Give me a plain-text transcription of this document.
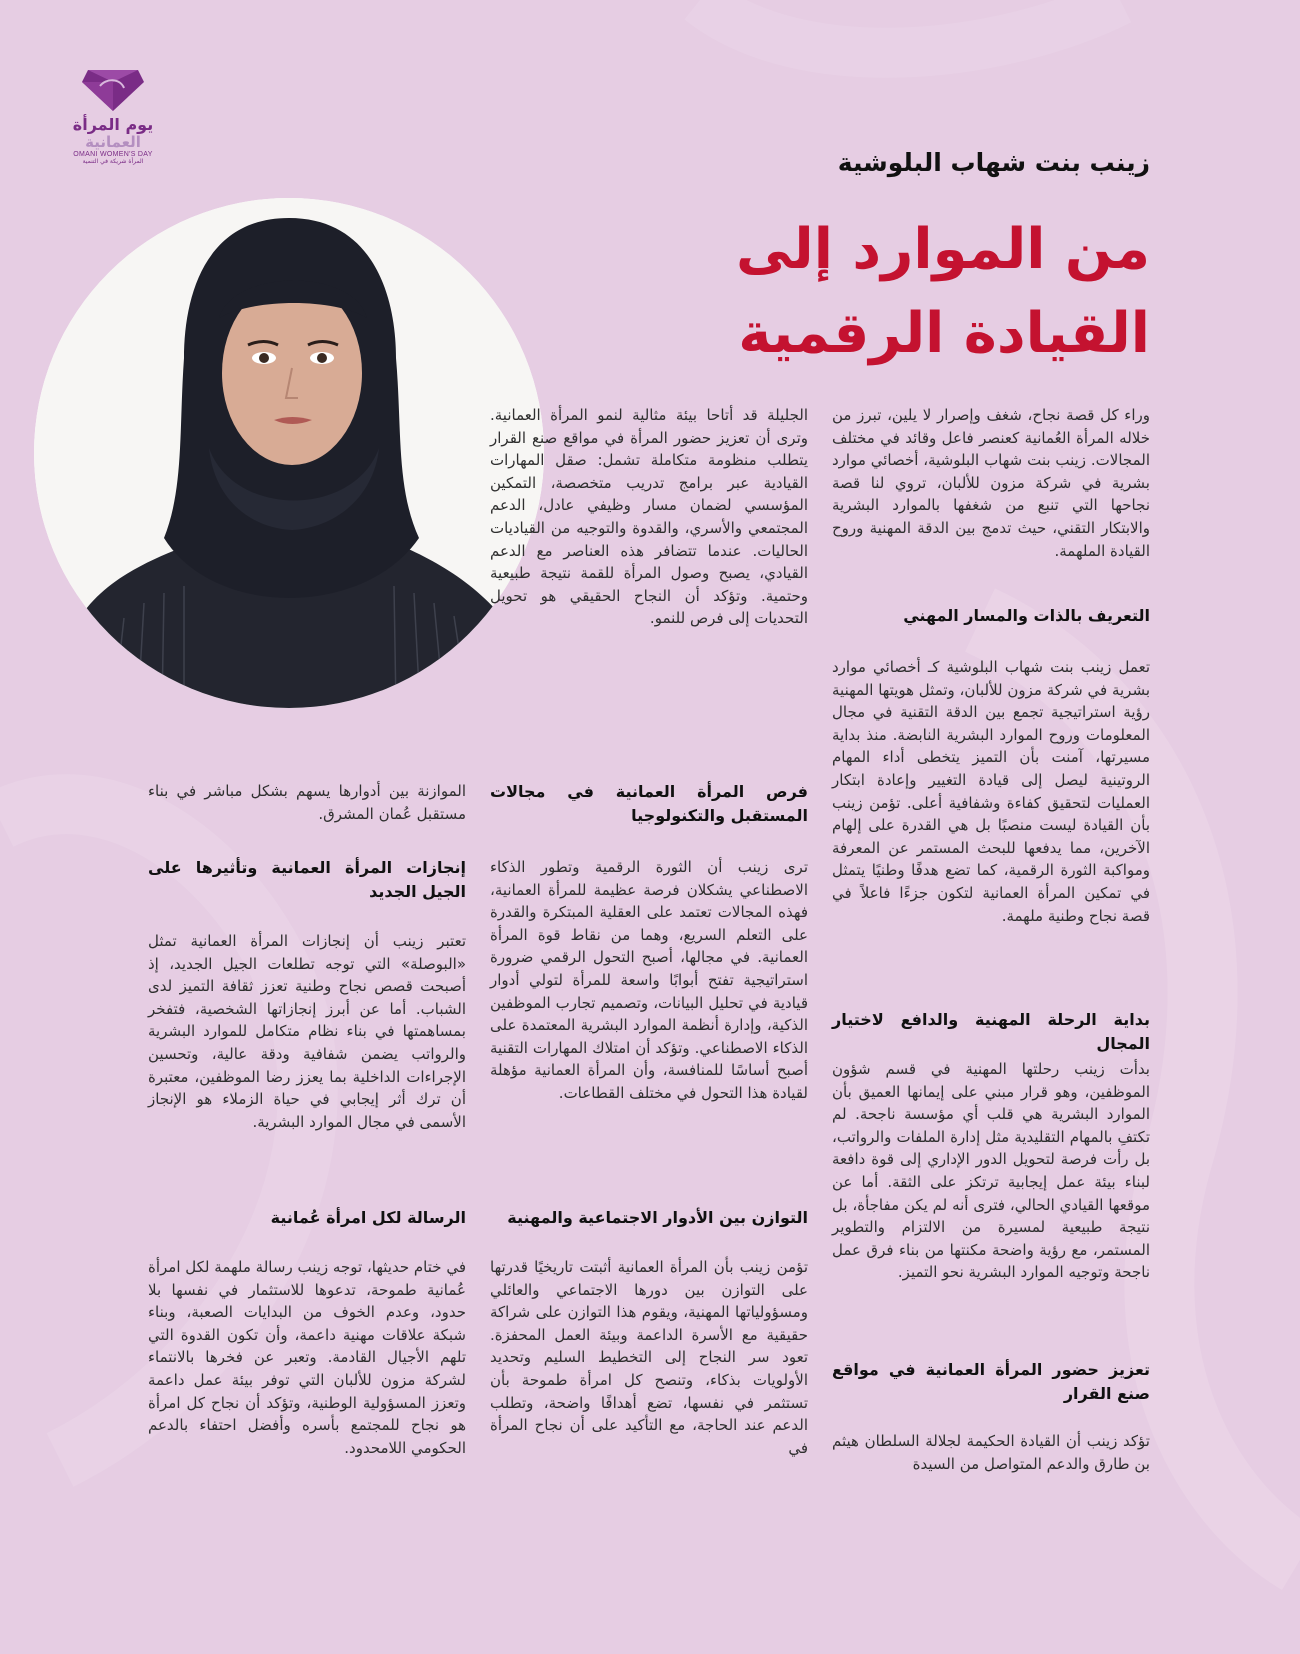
يوم المرأة
العمانية
OMANI WOMEN'S DAY
المرأة شريكة في التنمية	زينب بنت شهاب البلوشية
من الموارد إلى
القيادة الرقمية

وراء كل قصة نجاح، شغف وإصرار لا يلين، تبرز من خلاله المرأة العُمانية كعنصر فاعل وقائد في مختلف المجالات. زينب بنت شهاب البلوشية، أخصائي موارد بشرية في شركة مزون للألبان، تروي لنا قصة نجاحها التي تنبع من شغفها بالموارد البشرية والابتكار التقني، حيث تدمج بين الدقة المهنية وروح القيادة الملهمة.

التعريف بالذات والمسار المهني

تعمل زينب بنت شهاب البلوشية كـ أخصائي موارد بشرية في شركة مزون للألبان، وتمثل هويتها المهنية رؤية استراتيجية تجمع بين الدقة التقنية في مجال المعلومات وروح الموارد البشرية النابضة. منذ بداية مسيرتها، آمنت بأن التميز يتخطى أداء المهام الروتينية ليصل إلى قيادة التغيير وإعادة ابتكار العمليات لتحقيق كفاءة وشفافية أعلى. تؤمن زينب بأن القيادة ليست منصبًا بل هي القدرة على إلهام الآخرين، مما يدفعها للبحث المستمر عن المعرفة ومواكبة الثورة الرقمية، كما تضع هدفًا وطنيًا يتمثل في تمكين المرأة العمانية لتكون جزءًا فاعلاً في قصة نجاح وطنية ملهمة.

بداية الرحلة المهنية والدافع لاختيار المجال

بدأت زينب رحلتها المهنية في قسم شؤون الموظفين، وهو قرار مبني على إيمانها العميق بأن الموارد البشرية هي قلب أي مؤسسة ناجحة. لم تكتفِ بالمهام التقليدية مثل إدارة الملفات والرواتب، بل رأت فرصة لتحويل الدور الإداري إلى قوة دافعة لبناء بيئة عمل إيجابية ترتكز على الثقة. أما عن موقعها القيادي الحالي، فترى أنه لم يكن مفاجأة، بل نتيجة طبيعية لمسيرة من الالتزام والتطوير المستمر، مع رؤية واضحة مكنتها من بناء فرق عمل ناجحة وتوجيه الموارد البشرية نحو التميز.

تعزيز حضور المرأة العمانية في مواقع صنع القرار

تؤكد زينب أن القيادة الحكيمة لجلالة السلطان هيثم بن طارق والدعم المتواصل من السيدة

الجليلة قد أتاحا بيئة مثالية لنمو المرأة العمانية. وترى أن تعزيز حضور المرأة في مواقع صنع القرار يتطلب منظومة متكاملة تشمل: صقل المهارات القيادية عبر برامج تدريب متخصصة، التمكين المؤسسي لضمان مسار وظيفي عادل، الدعم المجتمعي والأسري، والقدوة والتوجيه من القياديات الحاليات. عندما تتضافر هذه العناصر مع الدعم القيادي، يصبح وصول المرأة للقمة نتيجة طبيعية وحتمية. وتؤكد أن النجاح الحقيقي هو تحويل التحديات إلى فرص للنمو.

فرص المرأة العمانية في مجالات المستقبل والتكنولوجيا

ترى زينب أن الثورة الرقمية وتطور الذكاء الاصطناعي يشكلان فرصة عظيمة للمرأة العمانية، فهذه المجالات تعتمد على العقلية المبتكرة والقدرة على التعلم السريع، وهما من نقاط قوة المرأة العمانية. في مجالها، أصبح التحول الرقمي ضرورة استراتيجية تفتح أبوابًا واسعة للمرأة لتولي أدوار قيادية في تحليل البيانات، وتصميم تجارب الموظفين الذكية، وإدارة أنظمة الموارد البشرية المعتمدة على الذكاء الاصطناعي. وتؤكد أن امتلاك المهارات التقنية أصبح أساسًا للمنافسة، وأن المرأة العمانية مؤهلة لقيادة هذا التحول في مختلف القطاعات.

التوازن بين الأدوار الاجتماعية والمهنية

تؤمن زينب بأن المرأة العمانية أثبتت تاريخيًا قدرتها على التوازن بين دورها الاجتماعي والعائلي ومسؤولياتها المهنية، ويقوم هذا التوازن على شراكة حقيقية مع الأسرة الداعمة وبيئة العمل المحفزة. تعود سر النجاح إلى التخطيط السليم وتحديد الأولويات بذكاء، وتنصح كل امرأة طموحة بأن تستثمر في نفسها، تضع أهدافًا واضحة، وتطلب الدعم عند الحاجة، مع التأكيد على أن نجاح المرأة في

الموازنة بين أدوارها يسهم بشكل مباشر في بناء مستقبل عُمان المشرق.

إنجازات المرأة العمانية وتأثيرها على الجيل الجديد

تعتبر زينب أن إنجازات المرأة العمانية تمثل «البوصلة» التي توجه تطلعات الجيل الجديد، إذ أصبحت قصص نجاح وطنية تعزز ثقافة التميز لدى الشباب. أما عن أبرز إنجازاتها الشخصية، فتفخر بمساهمتها في بناء نظام متكامل للموارد البشرية والرواتب يضمن شفافية ودقة عالية، وتحسين الإجراءات الداخلية بما يعزز رضا الموظفين، معتبرة أن ترك أثر إيجابي في حياة الزملاء هو الإنجاز الأسمى في مجال الموارد البشرية.

الرسالة لكل امرأة عُمانية

في ختام حديثها، توجه زينب رسالة ملهمة لكل امرأة عُمانية طموحة، تدعوها للاستثمار في نفسها بلا حدود، وعدم الخوف من البدايات الصعبة، وبناء شبكة علاقات مهنية داعمة، وأن تكون القدوة التي تلهم الأجيال القادمة. وتعبر عن فخرها بالانتماء لشركة مزون للألبان التي توفر بيئة عمل داعمة وتعزز المسؤولية الوطنية، وتؤكد أن نجاح كل امرأة هو نجاح للمجتمع بأسره وأفضل احتفاء بالدعم الحكومي اللامحدود.
